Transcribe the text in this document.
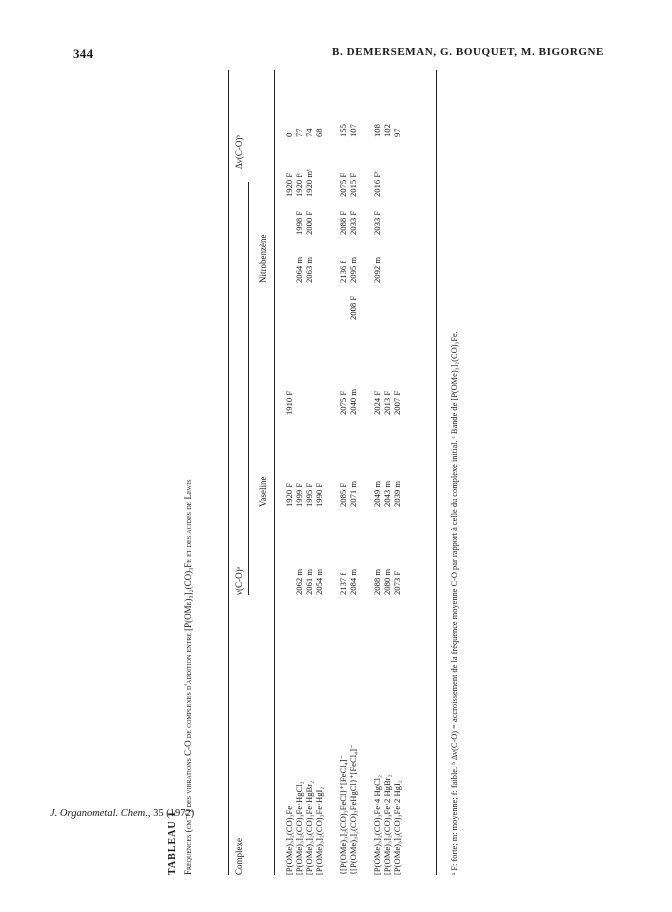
344	B. DEMERSEMAN, G. BOUQUET, M. BIGORGNE
J. Organometal. Chem., 35 (1972)
TABLEAU 1 Fréquences (cm⁻¹) des vibrations C-O de complexes d'addition entre [P(OMe)₃]₂(CO)₃Fe et des acides de Lewis	Complexe
ν(C-O)ᵃ
Δν(C-O)ᵇ
Vaseline
Nitrobenzène
[P(OMe)₃]₂(CO)₃Fe
1920 F
1910 F
1920 F
0
[P(OMe)₃]₂(CO)₃Fe·HgCl₂
2062 m
1999 F
2064 m
1998 F
1920 fᶜ
77
[P(OMe)₃]₂(CO)₃Fe·HgBr₂
2061 m
1995 F
2063 m
2000 F
1920 mᶜ
74
[P(OMe)₃]₂(CO)₃Fe·HgI₂
2054 m
1990 F
68
{[P(OMe)₃]₂(CO)₃FeCl}⁺[FeCl₄]⁻
2137 f
2085 F
2075 F
2136 f
2088 F
2075 F
155
{[P(OMe)₃]₂(CO)₃FeHgCl}⁺[FeCl₄]⁻
2084 m
2071 m
2040 m
2008 F
2095 m
2033 F
2015 F
107
[P(OMe)₃]₂(CO)₃Fe·4 HgCl₂
2088 m
2049 m
2024 F
2092 m
2033 F
2016 Fᶜ
108
[P(OMe)₃]₂(CO)₃Fe·2 HgBr₂
2080 m
2043 m
2013 F
102
[P(OMe)₃]₂(CO)₃Fe·2 HgI₂
2073 F
2039 m
2007 F
97
ᵃ F: forte; m: moyenne; f: faible. ᵇ Δν(C-O) = accroissement de la fréquence moyenne C-O par rapport à celle du complexe initial. ᶜ Bande de [P(OMe)₃]₂(CO)₃Fe.
